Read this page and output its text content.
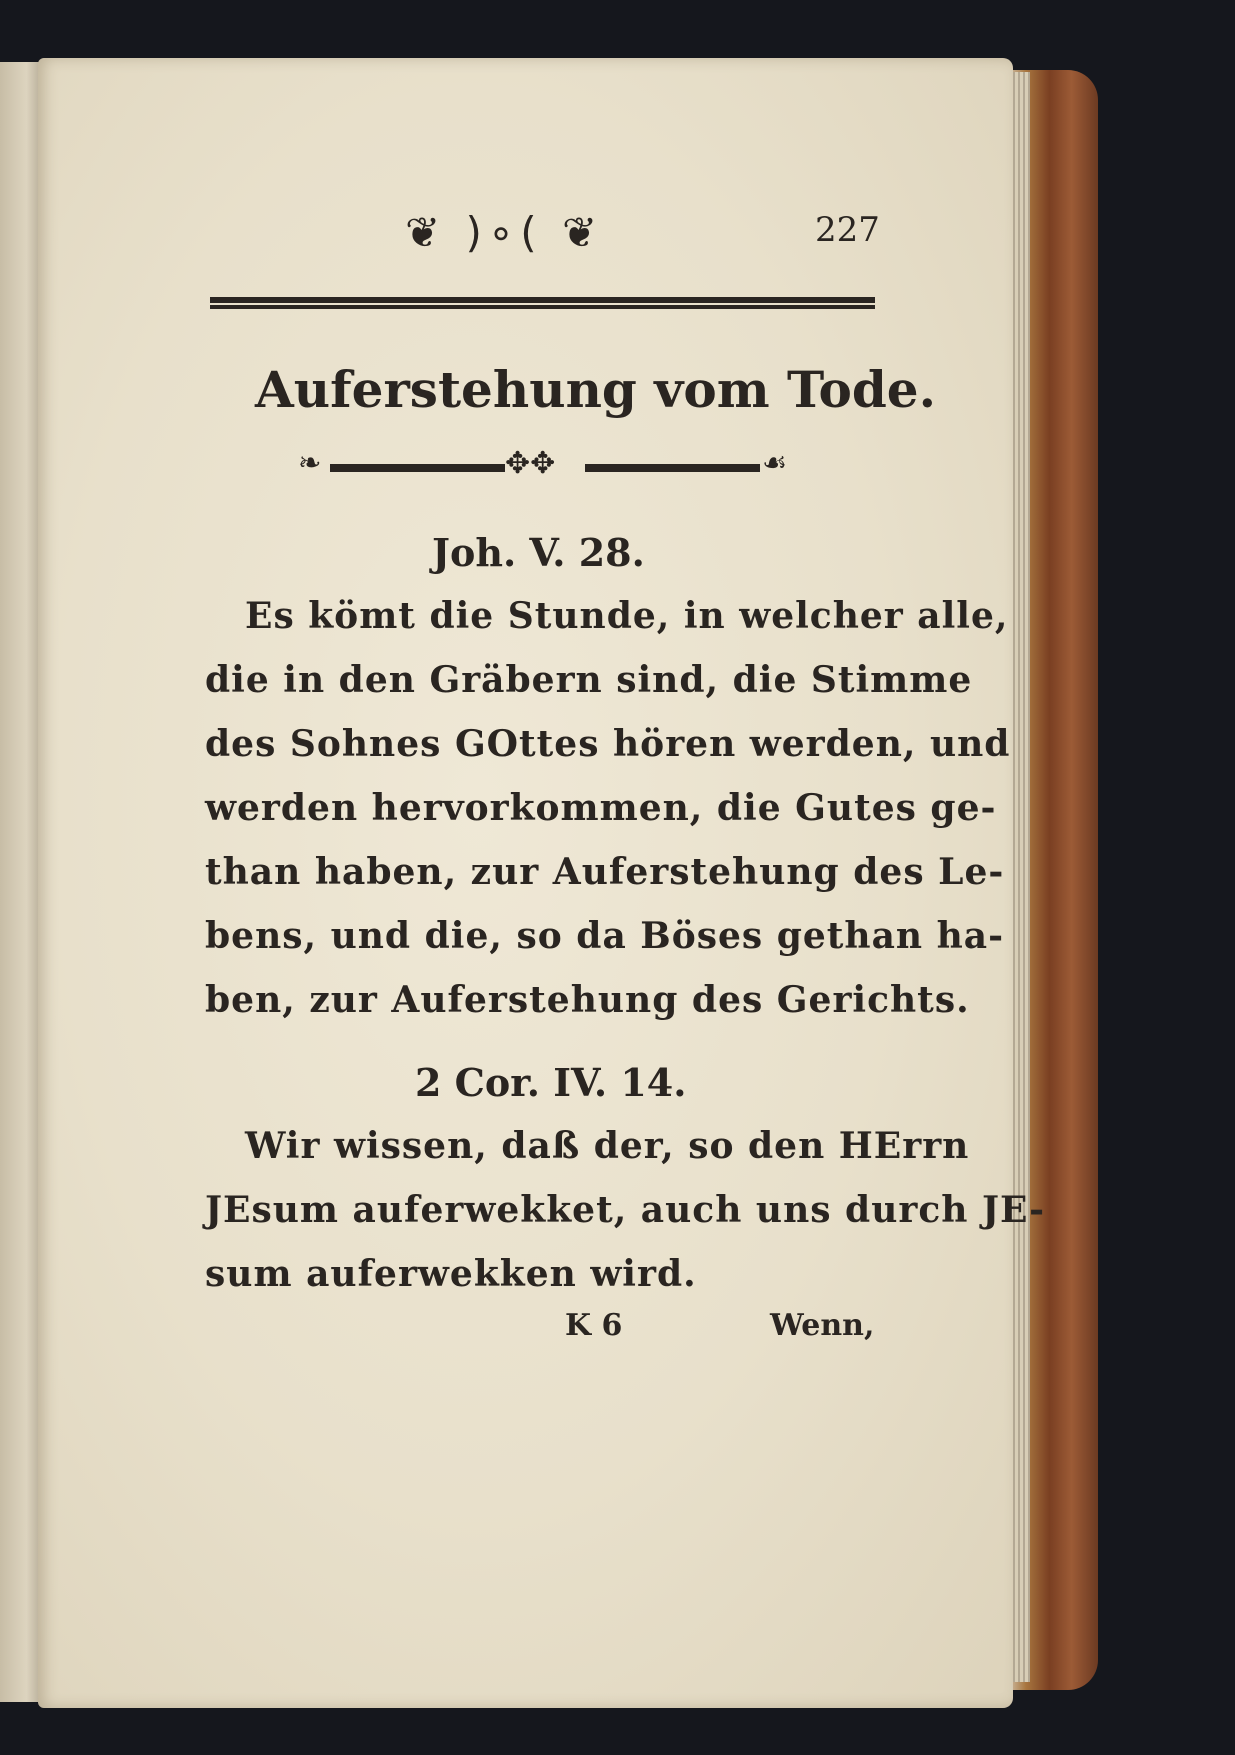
❦ )∘( ❦	227
Auferstehung vom Tode.
❧	✥✥	☙
Joh. V. 28.
Es kömt die Stunde, in welcher alle,
die in den Gräbern sind, die Stimme
des Sohnes GOttes hören werden, und
werden hervorkommen, die Gutes ge-
than haben, zur Auferstehung des Le-
bens, und die, so da Böses gethan ha-
ben, zur Auferstehung des Gerichts.
2 Cor. IV. 14.
Wir wissen, daß der, so den HErrn
JEsum auferwekket, auch uns durch JE-
sum auferwekken wird.
K 6	Wenn,
